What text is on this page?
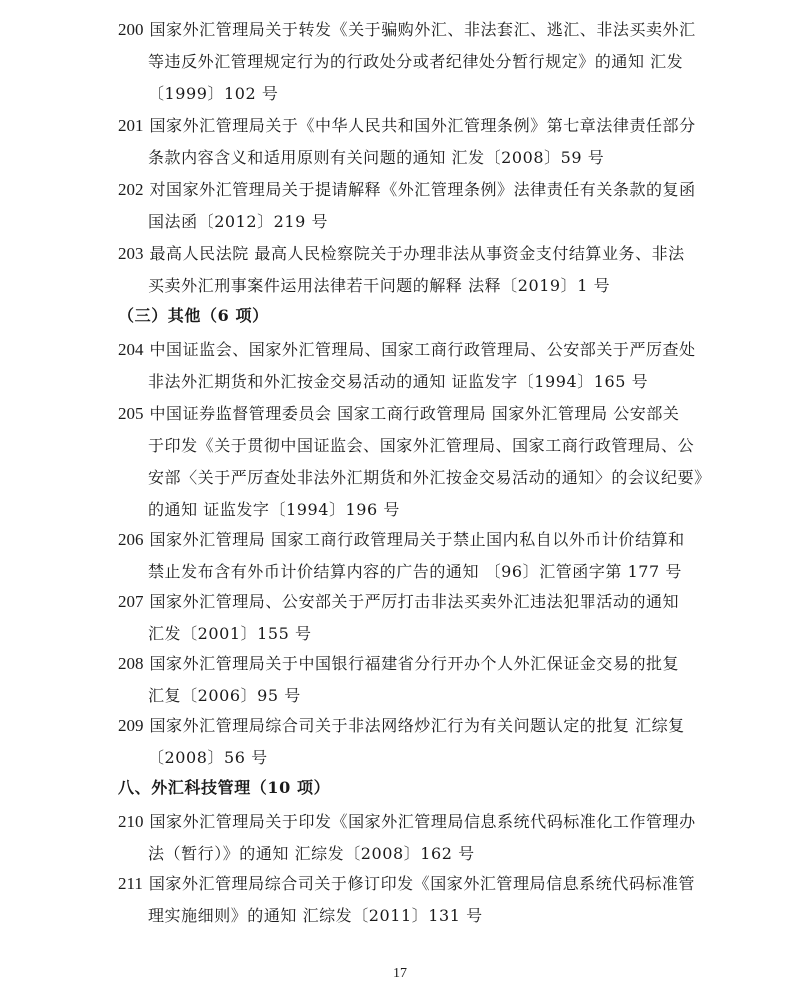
200 国家外汇管理局关于转发《关于骗购外汇、非法套汇、逃汇、非法买卖外汇
等违反外汇管理规定行为的行政处分或者纪律处分暂行规定》的通知 汇发
〔1999〕102 号
201 国家外汇管理局关于《中华人民共和国外汇管理条例》第七章法律责任部分
条款内容含义和适用原则有关问题的通知 汇发〔2008〕59 号
202 对国家外汇管理局关于提请解释《外汇管理条例》法律责任有关条款的复函
国法函〔2012〕219 号
203 最高人民法院 最高人民检察院关于办理非法从事资金支付结算业务、非法
买卖外汇刑事案件运用法律若干问题的解释 法释〔2019〕1 号
（三）其他（6 项）
204 中国证监会、国家外汇管理局、国家工商行政管理局、公安部关于严厉查处
非法外汇期货和外汇按金交易活动的通知 证监发字〔1994〕165 号
205 中国证券监督管理委员会 国家工商行政管理局 国家外汇管理局 公安部关
于印发《关于贯彻中国证监会、国家外汇管理局、国家工商行政管理局、公
安部〈关于严厉查处非法外汇期货和外汇按金交易活动的通知〉的会议纪要》
的通知 证监发字〔1994〕196 号
206 国家外汇管理局 国家工商行政管理局关于禁止国内私自以外币计价结算和
禁止发布含有外币计价结算内容的广告的通知 〔96〕汇管函字第 177 号
207 国家外汇管理局、公安部关于严厉打击非法买卖外汇违法犯罪活动的通知
汇发〔2001〕155 号
208 国家外汇管理局关于中国银行福建省分行开办个人外汇保证金交易的批复
汇复〔2006〕95 号
209 国家外汇管理局综合司关于非法网络炒汇行为有关问题认定的批复 汇综复
〔2008〕56 号
八、外汇科技管理（10 项）
210 国家外汇管理局关于印发《国家外汇管理局信息系统代码标准化工作管理办
法（暂行）》的通知 汇综发〔2008〕162 号
211 国家外汇管理局综合司关于修订印发《国家外汇管理局信息系统代码标准管
理实施细则》的通知 汇综发〔2011〕131 号
17
